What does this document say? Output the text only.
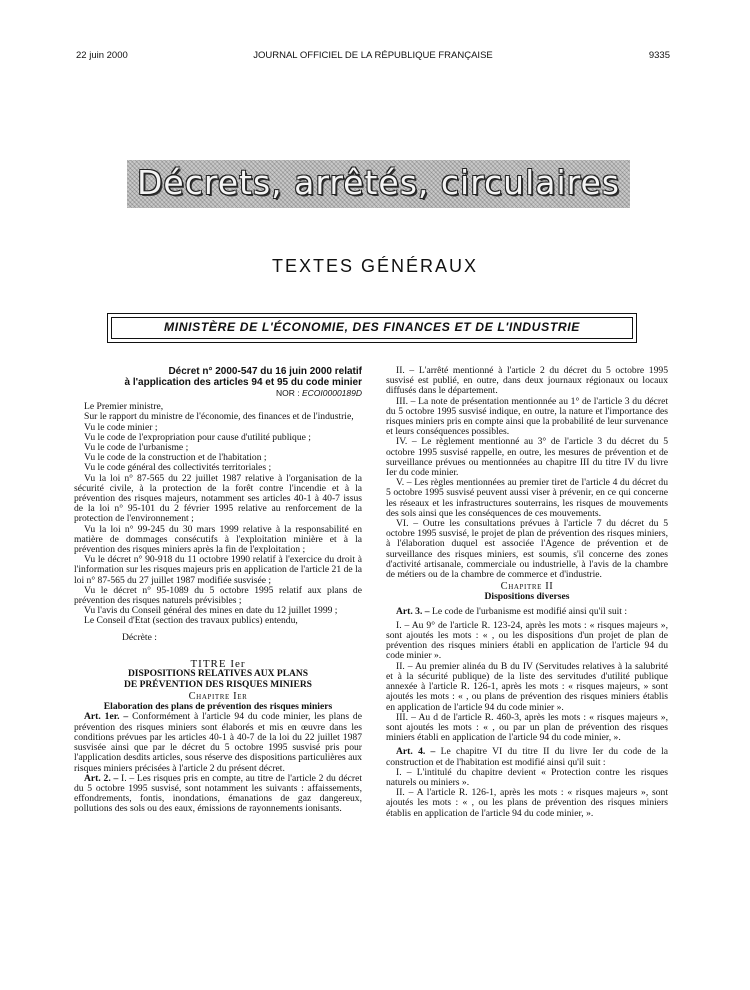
22 juin 2000	JOURNAL OFFICIEL DE LA RÉPUBLIQUE FRANÇAISE	9335
Décrets, arrêtés, circulaires
TEXTES GÉNÉRAUX
MINISTÈRE DE L'ÉCONOMIE, DES FINANCES ET DE L'INDUSTRIE

Décret n° 2000-547 du 16 juin 2000 relatif

à l'application des articles 94 et 95 du code minier

NOR : ECOI0000189D

Le Premier ministre,

Sur le rapport du ministre de l'économie, des finances et de l'industrie,

Vu le code minier ;

Vu le code de l'expropriation pour cause d'utilité publique ;

Vu le code de l'urbanisme ;

Vu le code de la construction et de l'habitation ;

Vu le code général des collectivités territoriales ;

Vu la loi n° 87-565 du 22 juillet 1987 relative à l'organisation de la sécurité civile, à la protection de la forêt contre l'incendie et à la prévention des risques majeurs, notamment ses articles 40-1 à 40-7 issus de la loi n° 95-101 du 2 février 1995 relative au renforcement de la protection de l'environnement ;

Vu la loi n° 99-245 du 30 mars 1999 relative à la responsabilité en matière de dommages consécutifs à l'exploitation minière et à la prévention des risques miniers après la fin de l'exploitation ;

Vu le décret n° 90-918 du 11 octobre 1990 relatif à l'exercice du droit à l'information sur les risques majeurs pris en application de l'article 21 de la loi n° 87-565 du 27 juillet 1987 modifiée susvisée ;

Vu le décret n° 95-1089 du 5 octobre 1995 relatif aux plans de prévention des risques naturels prévisibles ;

Vu l'avis du Conseil général des mines en date du 12 juillet 1999 ;

Le Conseil d'Etat (section des travaux publics) entendu,

Décrète :

TITRE Ier

DISPOSITIONS RELATIVES AUX PLANS

DE PRÉVENTION DES RISQUES MINIERS

Chapitre Ier

Elaboration des plans de prévention des risques miniers

Art. 1er. – Conformément à l'article 94 du code minier, les plans de prévention des risques miniers sont élaborés et mis en œuvre dans les conditions prévues par les articles 40-1 à 40-7 de la loi du 22 juillet 1987 susvisée ainsi que par le décret du 5 octobre 1995 susvisé pris pour l'application desdits articles, sous réserve des dispositions particulières aux risques miniers précisées à l'article 2 du présent décret.

Art. 2. – I. – Les risques pris en compte, au titre de l'article 2 du décret du 5 octobre 1995 susvisé, sont notamment les suivants : affaissements, effondrements, fontis, inondations, émanations de gaz dangereux, pollutions des sols ou des eaux, émissions de rayonnements ionisants.

II. – L'arrêté mentionné à l'article 2 du décret du 5 octobre 1995 susvisé est publié, en outre, dans deux journaux régionaux ou locaux diffusés dans le département.

III. – La note de présentation mentionnée au 1° de l'article 3 du décret du 5 octobre 1995 susvisé indique, en outre, la nature et l'importance des risques miniers pris en compte ainsi que la probabilité de leur survenance et leurs conséquences possibles.

IV. – Le règlement mentionné au 3° de l'article 3 du décret du 5 octobre 1995 susvisé rappelle, en outre, les mesures de prévention et de surveillance prévues ou mentionnées au chapitre III du titre IV du livre Ier du code minier.

V. – Les règles mentionnées au premier tiret de l'article 4 du décret du 5 octobre 1995 susvisé peuvent aussi viser à prévenir, en ce qui concerne les réseaux et les infrastructures souterrains, les risques de mouvements des sols ainsi que les conséquences de ces mouvements.

VI. – Outre les consultations prévues à l'article 7 du décret du 5 octobre 1995 susvisé, le projet de plan de prévention des risques miniers, à l'élaboration duquel est associée l'Agence de prévention et de surveillance des risques miniers, est soumis, s'il concerne des zones d'activité artisanale, commerciale ou industrielle, à l'avis de la chambre de métiers ou de la chambre de commerce et d'industrie.

Chapitre II

Dispositions diverses

Art. 3. – Le code de l'urbanisme est modifié ainsi qu'il suit :

I. – Au 9° de l'article R. 123-24, après les mots : « risques majeurs », sont ajoutés les mots : « , ou les dispositions d'un projet de plan de prévention des risques miniers établi en application de l'article 94 du code minier ».

II. – Au premier alinéa du B du IV (Servitudes relatives à la salubrité et à la sécurité publique) de la liste des servitudes d'utilité publique annexée à l'article R. 126-1, après les mots : « risques majeurs, » sont ajoutés les mots : « , ou plans de prévention des risques miniers établis en application de l'article 94 du code minier ».

III. – Au d de l'article R. 460-3, après les mots : « risques majeurs », sont ajoutés les mots : « , ou par un plan de prévention des risques miniers établi en application de l'article 94 du code minier, ».

Art. 4. – Le chapitre VI du titre II du livre Ier du code de la construction et de l'habitation est modifié ainsi qu'il suit :

I. – L'intitulé du chapitre devient « Protection contre les risques naturels ou miniers ».

II. – A l'article R. 126-1, après les mots : « risques majeurs », sont ajoutés les mots : « , ou les plans de prévention des risques miniers établis en application de l'article 94 du code minier, ».
